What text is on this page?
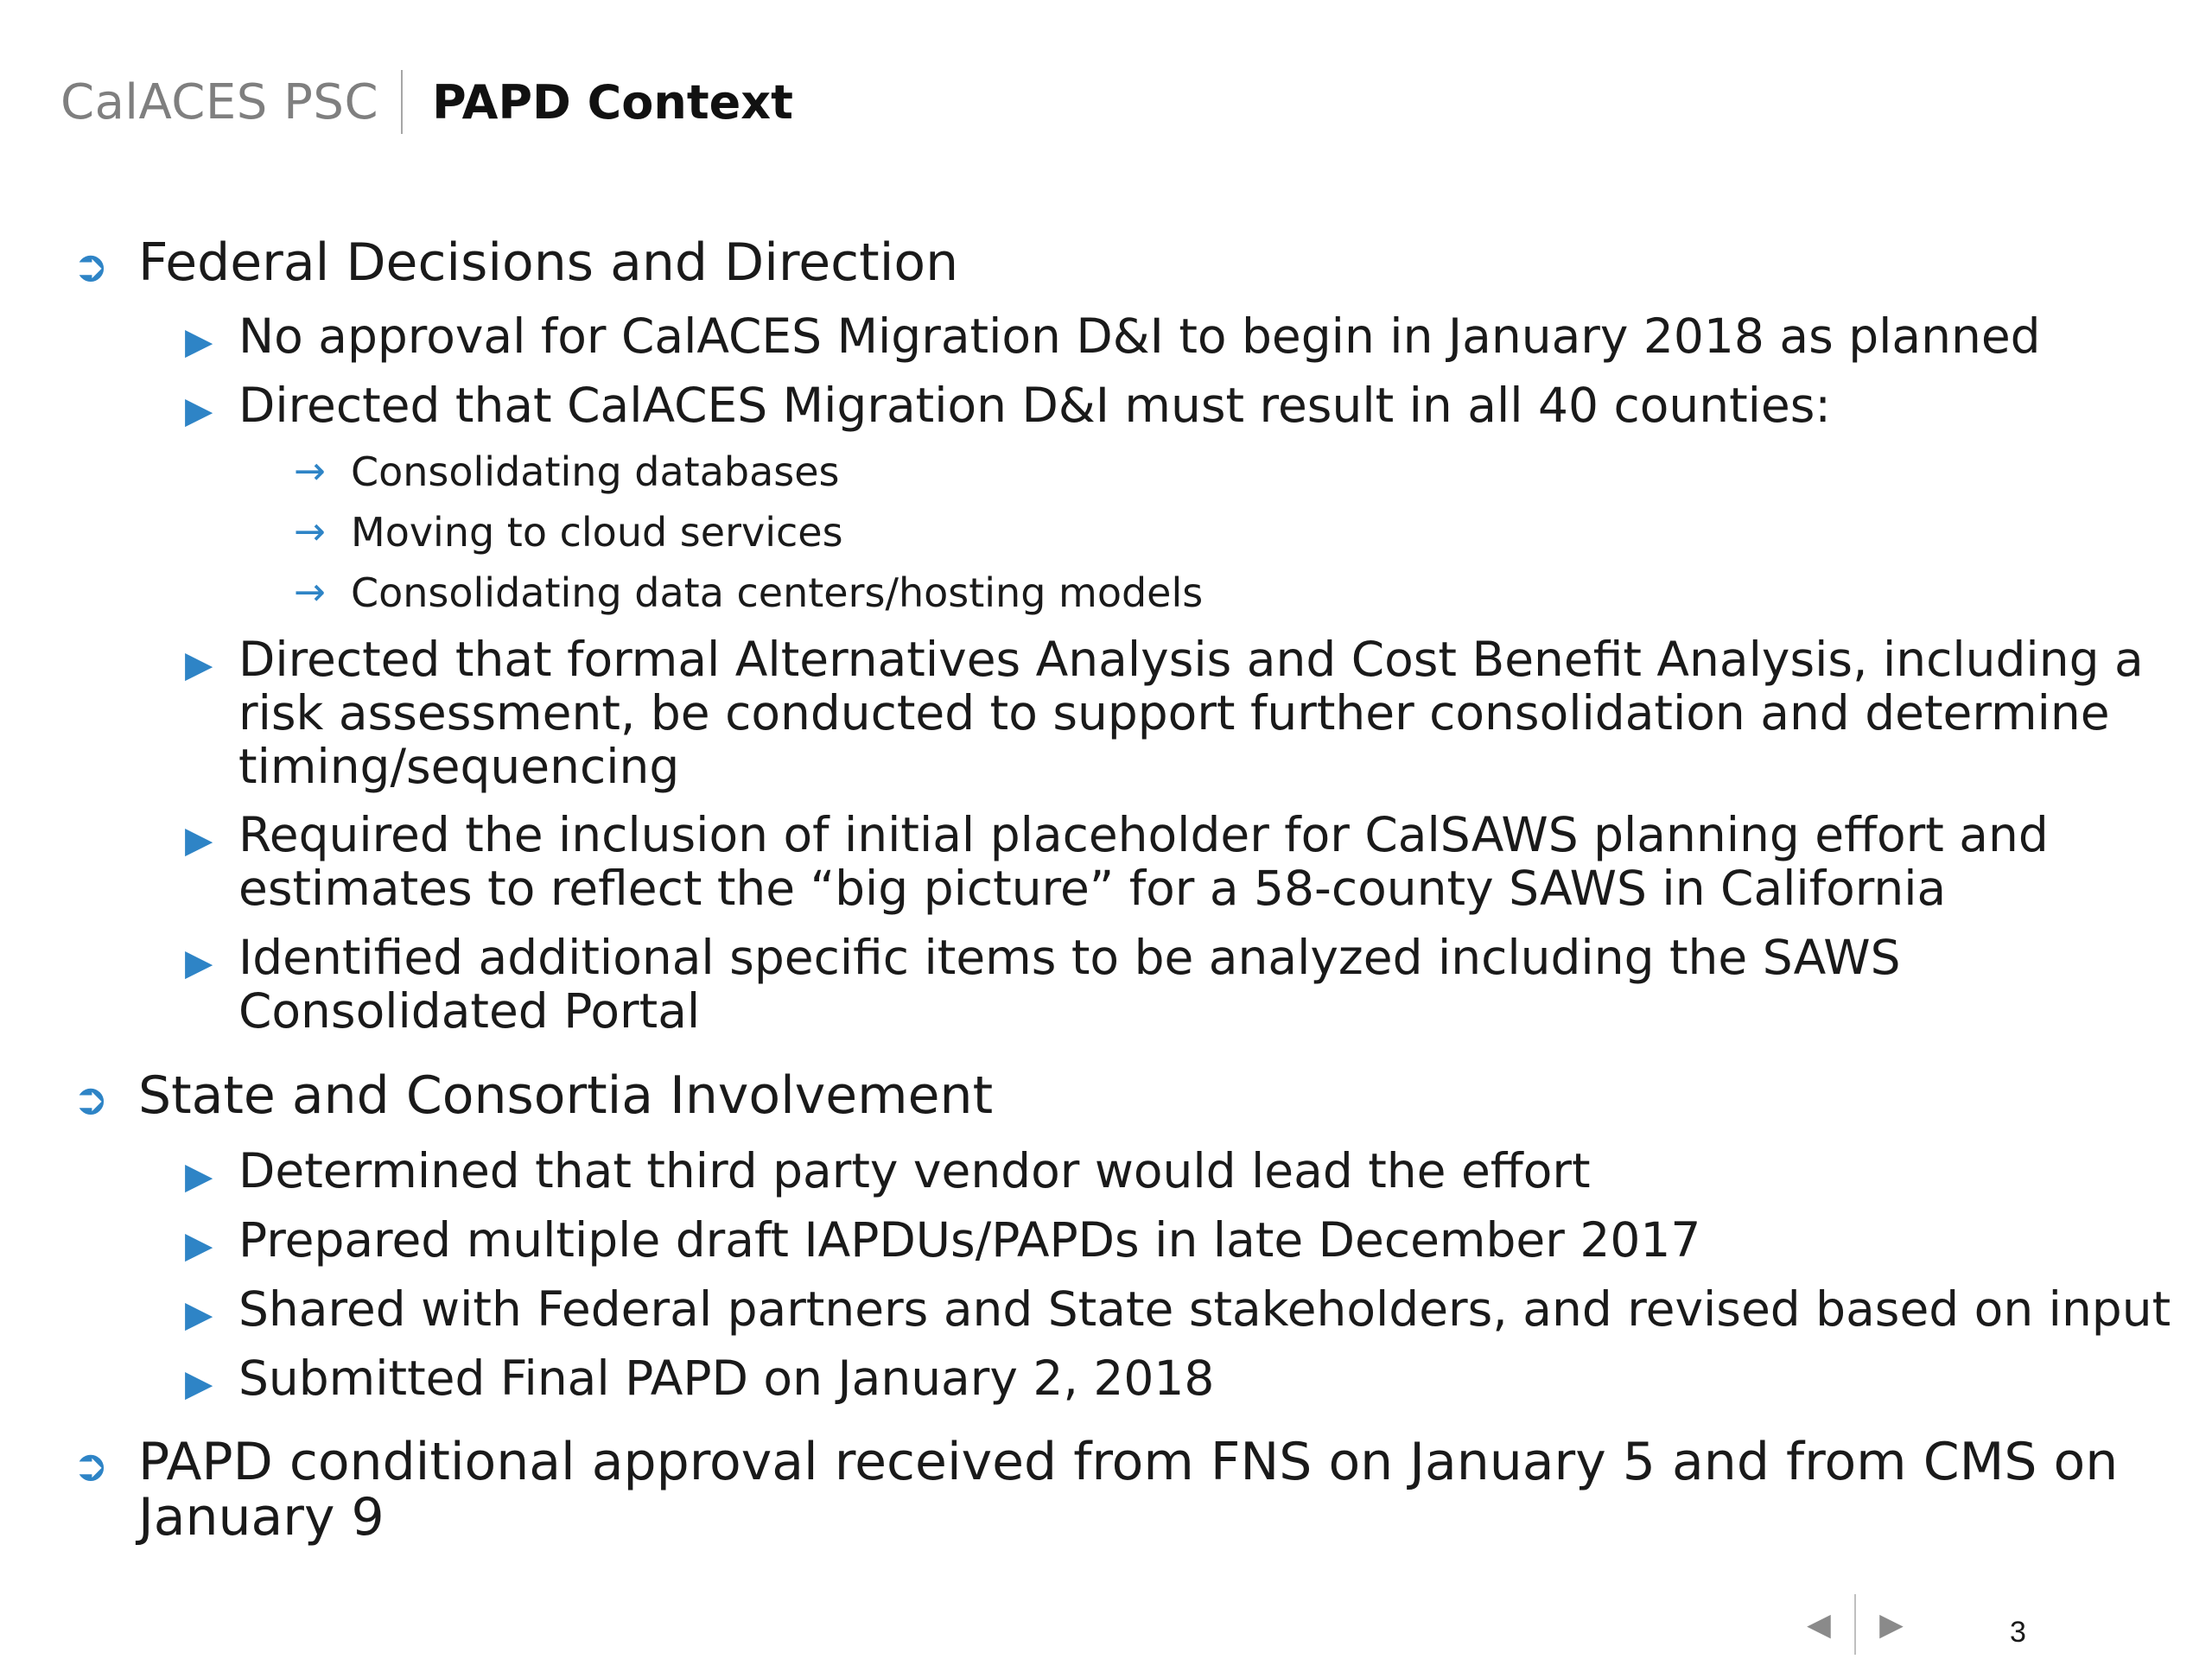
CalACES PSC PAPD Context
➲ Federal Decisions and Direction
▶ No approval for CalACES Migration D&I to begin in January 2018 as planned
▶ Directed that CalACES Migration D&I must result in all 40 counties:
→ Consolidating databases
→ Moving to cloud services
→ Consolidating data centers/hosting models
▶ Directed that formal Alternatives Analysis and Cost Benefit Analysis, including a risk assessment, be conducted to support further consolidation and determine timing/sequencing
▶ Required the inclusion of initial placeholder for CalSAWS planning effort and estimates to reflect the “big picture” for a 58-county SAWS in California
▶ Identified additional specific items to be analyzed including the SAWS Consolidated Portal
➲ State and Consortia Involvement
▶ Determined that third party vendor would lead the effort
▶ Prepared multiple draft IAPDUs/PAPDs in late December 2017
▶ Shared with Federal partners and State stakeholders, and revised based on input
▶ Submitted Final PAPD on January 2, 2018
➲ PAPD conditional approval received from FNS on January 5 and from CMS on January 9
◀	▶	3
